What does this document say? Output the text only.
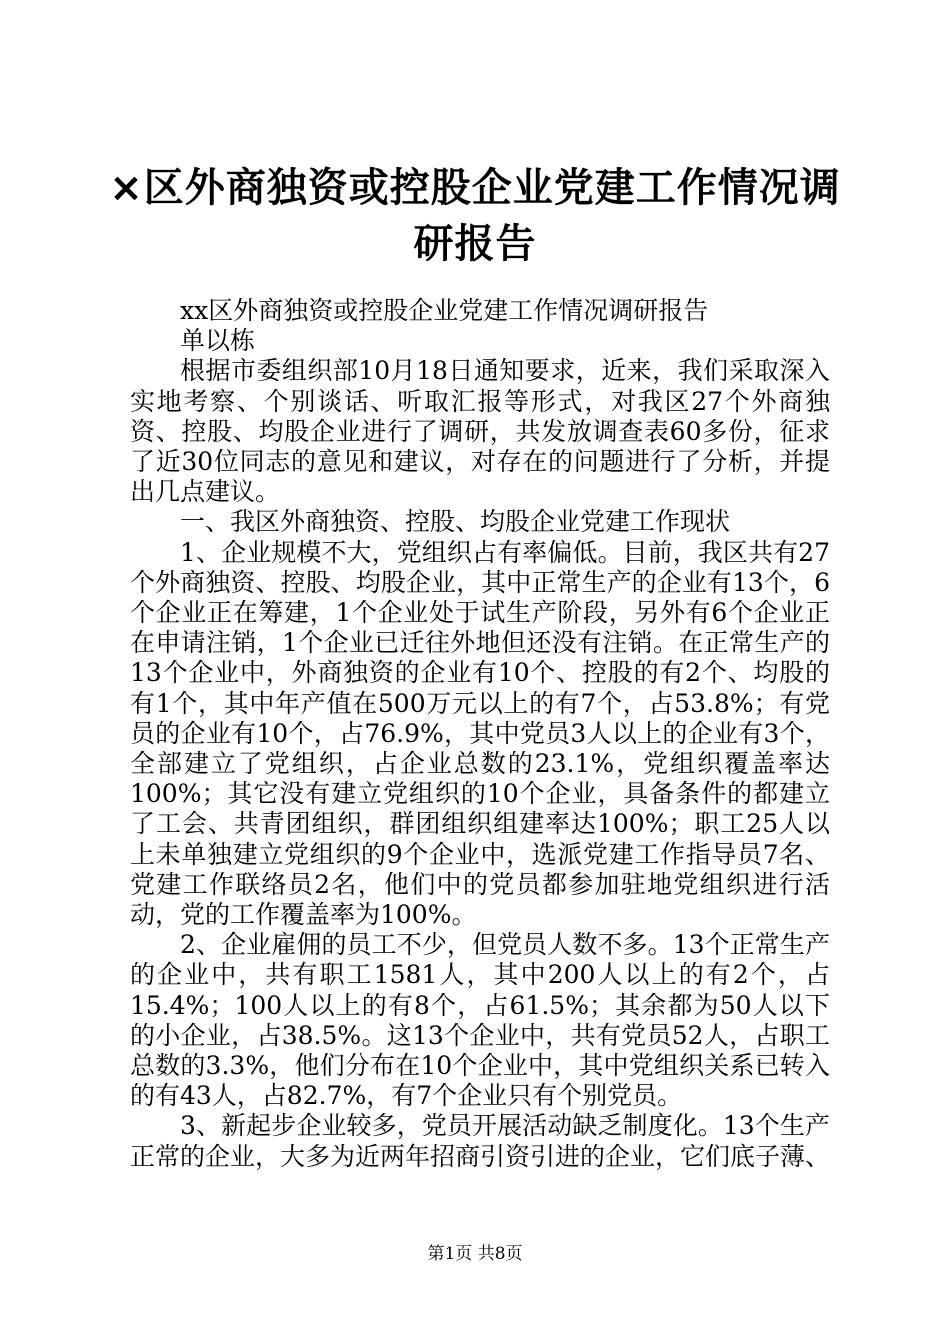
×区外商独资或控股企业党建工作情况调研报告

xx区外商独资或控股企业党建工作情况调研报告

单以栋

根据市委组织部10月18日通知要求，近来，我们采取深入实地考察、个别谈话、听取汇报等形式，对我区27个外商独资、控股、均股企业进行了调研，共发放调查表60多份，征求了近30位同志的意见和建议，对存在的问题进行了分析，并提出几点建议。

一、我区外商独资、控股、均股企业党建工作现状

1、企业规模不大，党组织占有率偏低。目前，我区共有27个外商独资、控股、均股企业，其中正常生产的企业有13个，6个企业正在筹建，1个企业处于试生产阶段，另外有6个企业正在申请注销，1个企业已迁往外地但还没有注销。在正常生产的13个企业中，外商独资的企业有10个、控股的有2个、均股的有1个，其中年产值在500万元以上的有7个，占53.8%；有党员的企业有10个，占76.9%，其中党员3人以上的企业有3个，全部建立了党组织，占企业总数的23.1%，党组织覆盖率达100%；其它没有建立党组织的10个企业，具备条件的都建立了工会、共青团组织，群团组织组建率达100%；职工25人以上未单独建立党组织的9个企业中，选派党建工作指导员7名、党建工作联络员2名，他们中的党员都参加驻地党组织进行活动，党的工作覆盖率为100%。

2、企业雇佣的员工不少，但党员人数不多。13个正常生产的企业中，共有职工1581人，其中200人以上的有2个，占15.4%；100人以上的有8个，占61.5%；其余都为50人以下的小企业，占38.5%。这13个企业中，共有党员52人，占职工总数的3.3%，他们分布在10个企业中，其中党组织关系已转入的有43人，占82.7%，有7个企业只有个别党员。

3、新起步企业较多，党员开展活动缺乏制度化。13个生产正常的企业，大多为近两年招商引资引进的企业，它们底子薄、

第1页 共8页
